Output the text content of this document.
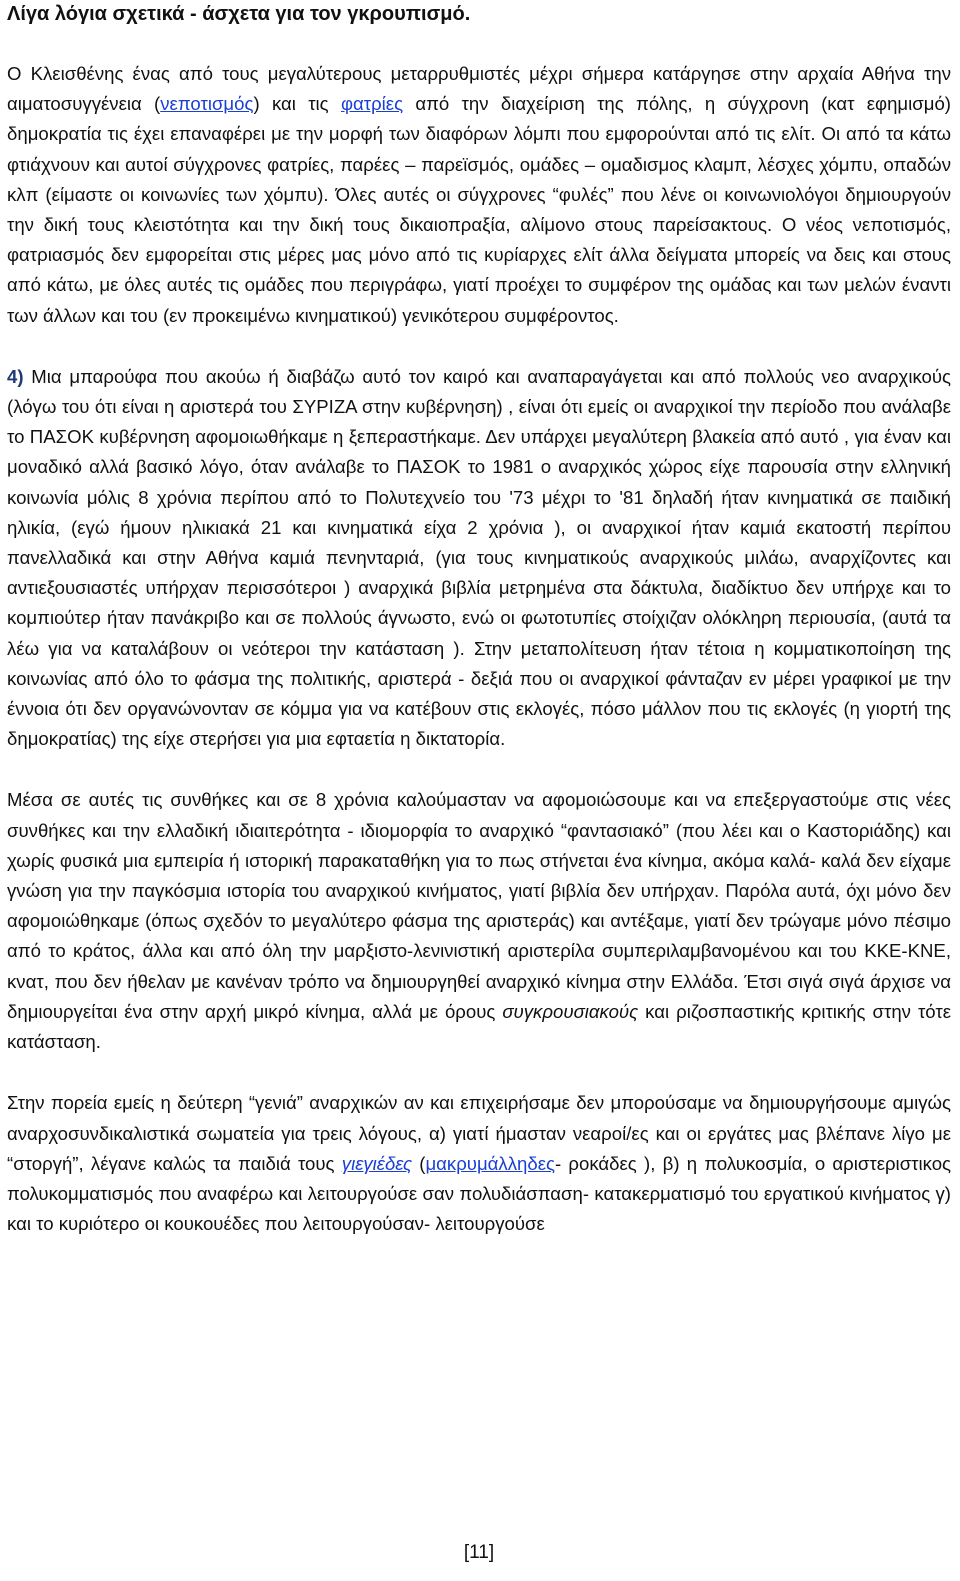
Λίγα λόγια σχετικά - άσχετα για τον γκρουπισμό.

Ο Κλεισθένης ένας από τους μεγαλύτερους μεταρρυθμιστές μέχρι σήμερα κατάργησε στην αρχαία Αθήνα την αιματοσυγγένεια (νεποτισμός) και τις φατρίες από την διαχείριση της πόλης, η σύγχρονη (κατ εφημισμό) δημοκρατία τις έχει επαναφέρει με την μορφή των διαφόρων λόμπι που εμφορούνται από τις ελίτ. Οι από τα κάτω φτιάχνουν και αυτοί σύγχρονες φατρίες, παρέες – παρεϊσμός, ομάδες – ομαδισμος κλαμπ, λέσχες χόμπυ, οπαδών κλπ (είμαστε οι κοινωνίες των χόμπυ). Όλες αυτές οι σύγχρονες “φυλές” που λένε οι κοινωνιολόγοι δημιουργούν την δική τους κλειστότητα και την δική τους δικαιοπραξία, αλίμονο στους παρείσακτους. Ο νέος νεποτισμός, φατριασμός δεν εμφορείται στις μέρες μας μόνο από τις κυρίαρχες ελίτ άλλα δείγματα μπορείς να δεις και στους από κάτω, με όλες αυτές τις ομάδες που περιγράφω, γιατί προέχει το συμφέρον της ομάδας και των μελών έναντι των άλλων και του (εν προκειμένω κινηματικού) γενικότερου συμφέροντος.

4) Μια μπαρούφα που ακούω ή διαβάζω αυτό τον καιρό και αναπαραγάγεται και από πολλούς νεο αναρχικούς (λόγω του ότι είναι η αριστερά του ΣΥΡΙΖΑ στην κυβέρνηση) , είναι ότι εμείς οι αναρχικοί την περίοδο που ανάλαβε το ΠΑΣΟΚ κυβέρνηση αφομοιωθήκαμε η ξεπεραστήκαμε. Δεν υπάρχει μεγαλύτερη βλακεία από αυτό , για έναν και μοναδικό αλλά βασικό λόγο, όταν ανάλαβε το ΠΑΣΟΚ το 1981 ο αναρχικός χώρος είχε παρουσία στην ελληνική κοινωνία μόλις 8 χρόνια περίπου από το Πολυτεχνείο του '73 μέχρι το '81 δηλαδή ήταν κινηματικά σε παιδική ηλικία, (εγώ ήμουν ηλικιακά 21 και κινηματικά είχα 2 χρόνια ), οι αναρχικοί ήταν καμιά εκατοστή περίπου πανελλαδικά και στην Αθήνα καμιά πενηνταριά, (για τους κινηματικούς αναρχικούς μιλάω, αναρχίζοντες και αντιεξουσιαστές υπήρχαν περισσότεροι ) αναρχικά βιβλία μετρημένα στα δάκτυλα, διαδίκτυο δεν υπήρχε και το κομπιούτερ ήταν πανάκριβο και σε πολλούς άγνωστο, ενώ οι φωτοτυπίες στοίχιζαν ολόκληρη περιουσία, (αυτά τα λέω για να καταλάβουν οι νεότεροι την κατάσταση ). Στην μεταπολίτευση ήταν τέτοια η κομματικοποίηση της κοινωνίας από όλο το φάσμα της πολιτικής, αριστερά - δεξιά που οι αναρχικοί φάνταζαν εν μέρει γραφικοί με την έννοια ότι δεν οργανώνονταν σε κόμμα για να κατέβουν στις εκλογές, πόσο μάλλον που τις εκλογές (η γιορτή της δημοκρατίας) της είχε στερήσει για μια εφταετία η δικτατορία.

Μέσα σε αυτές τις συνθήκες και σε 8 χρόνια καλούμασταν να αφομοιώσουμε και να επεξεργαστούμε στις νέες συνθήκες και την ελλαδική ιδιαιτερότητα - ιδιομορφία το αναρχικό “φαντασιακό” (που λέει και ο Καστοριάδης) και χωρίς φυσικά μια εμπειρία ή ιστορική παρακαταθήκη για το πως στήνεται ένα κίνημα, ακόμα καλά- καλά δεν είχαμε γνώση για την παγκόσμια ιστορία του αναρχικού κινήματος, γιατί βιβλία δεν υπήρχαν. Παρόλα αυτά, όχι μόνο δεν αφομοιώθηκαμε (όπως σχεδόν το μεγαλύτερο φάσμα της αριστεράς) και αντέξαμε, γιατί δεν τρώγαμε μόνο πέσιμο από το κράτος, άλλα και από όλη την μαρξιστο-λενινιστική αριστερίλα συμπεριλαμβανομένου και του ΚΚΕ-ΚΝΕ, κνατ, που δεν ήθελαν με κανέναν τρόπο να δημιουργηθεί αναρχικό κίνημα στην Ελλάδα. Έτσι σιγά σιγά άρχισε να δημιουργείται ένα στην αρχή μικρό κίνημα, αλλά με όρους συγκρουσιακούς και ριζοσπαστικής κριτικής στην τότε κατάσταση.

Στην πορεία εμείς η δεύτερη “γενιά” αναρχικών αν και επιχειρήσαμε δεν μπορούσαμε να δημιουργήσουμε αμιγώς αναρχοσυνδικαλιστικά σωματεία για τρεις λόγους, α) γιατί ήμασταν νεαροί/ες και οι εργάτες μας βλέπανε λίγο με “στοργή”, λέγανε καλώς τα παιδιά τους γιεγιέδες (μακρυμάλληδες- ροκάδες ), β) η πολυκοσμία, ο αριστεριστικος πολυκομματισμός που αναφέρω και λειτουργούσε σαν πολυδιάσπαση- κατακερματισμό του εργατικού κινήματος γ) και το κυριότερο οι κουκουέδες που λειτουργούσαν- λειτουργούσε

[11]
